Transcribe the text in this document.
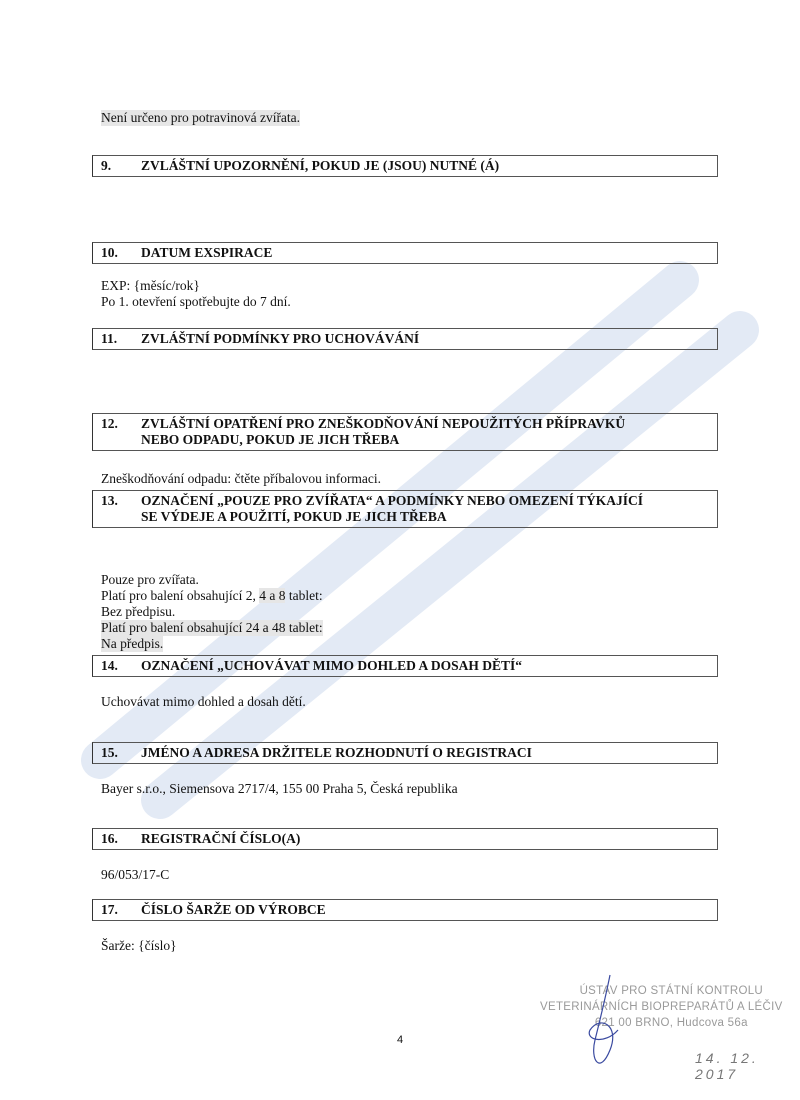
Není určeno pro potravinová zvířata.
9. ZVLÁŠTNÍ UPOZORNĚNÍ, POKUD JE (JSOU) NUTNÉ (Á)
10. DATUM EXSPIRACE
EXP: {měsíc/rok}
Po 1. otevření spotřebujte do 7 dní.
11. ZVLÁŠTNÍ PODMÍNKY PRO UCHOVÁVÁNÍ
12. ZVLÁŠTNÍ OPATŘENÍ PRO ZNEŠKODŇOVÁNÍ NEPOUŽITÝCH PŘÍPRAVKŮ
NEBO ODPADU, POKUD JE JICH TŘEBA
Zneškodňování odpadu: čtěte příbalovou informaci.
13. OZNAČENÍ „POUZE PRO ZVÍŘATA“ A PODMÍNKY NEBO OMEZENÍ TÝKAJÍCÍ
SE VÝDEJE A POUŽITÍ, POKUD JE JICH TŘEBA
Pouze pro zvířata.
Platí pro balení obsahující 2, 4 a 8 tablet:
Bez předpisu.
Platí pro balení obsahující 24 a 48 tablet:
Na předpis.
14. OZNAČENÍ „UCHOVÁVAT MIMO DOHLED A DOSAH DĚTÍ“
Uchovávat mimo dohled a dosah dětí.
15. JMÉNO A ADRESA DRŽITELE ROZHODNUTÍ O REGISTRACI
Bayer s.r.o., Siemensova 2717/4, 155 00 Praha 5, Česká republika
16. REGISTRAČNÍ ČÍSLO(A)
96/053/17-C
17. ČÍSLO ŠARŽE OD VÝROBCE
Šarže: {číslo}
4
ÚSTAV PRO STÁTNÍ KONTROLU
VETERINÁRNÍCH BIOPREPARÁTŮ A LÉČIV
621 00 BRNO, Hudcova 56a
14. 12. 2017
